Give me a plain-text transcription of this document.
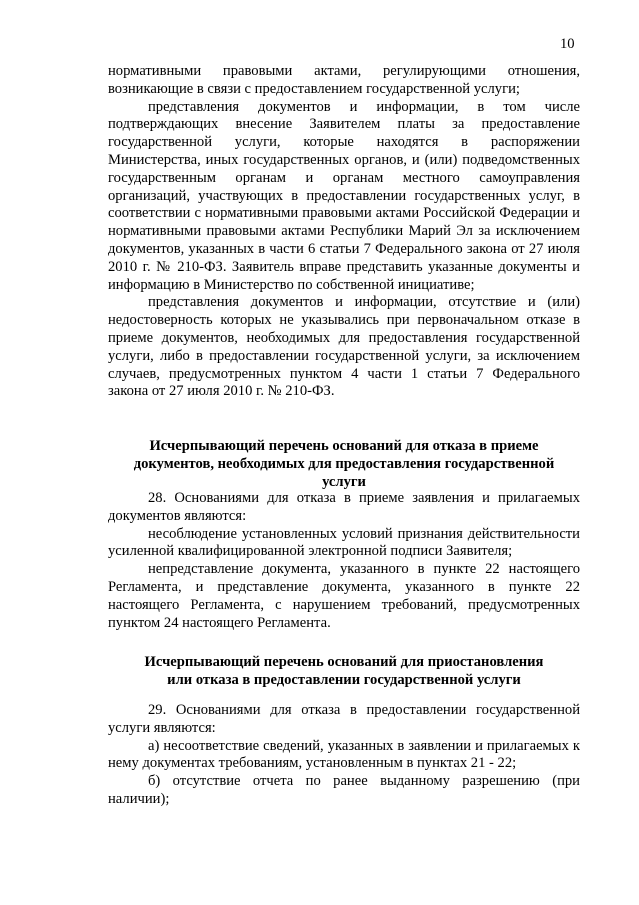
10

нормативными правовыми актами, регулирующими отношения, возникающие в связи с предоставлением государственной услуги;

представления документов и информации, в том числе подтверждающих внесение Заявителем платы за предоставление государственной услуги, которые находятся в распоряжении Министерства, иных государственных органов, и (или) подведомственных государственным органам и органам местного самоуправления организаций, участвующих в предоставлении государственных услуг, в соответствии с нормативными правовыми актами Российской Федерации и нормативными правовыми актами Республики Марий Эл за исключением документов, указанных в части 6 статьи 7 Федерального закона от 27 июля 2010 г. № 210-ФЗ. Заявитель вправе представить указанные документы и информацию в Министерство по собственной инициативе;

представления документов и информации, отсутствие и (или) недостоверность которых не указывались при первоначальном отказе в приеме документов, необходимых для предоставления государственной услуги, либо в предоставлении государственной услуги, за исключением случаев, предусмотренных пунктом 4 части 1 статьи 7 Федерального закона от 27 июля 2010 г. № 210-ФЗ.

Исчерпывающий перечень оснований для отказа в приеме документов, необходимых для предоставления государственной услуги

28. Основаниями для отказа в приеме заявления и прилагаемых документов являются:

несоблюдение установленных условий признания действительности усиленной квалифицированной электронной подписи Заявителя;

непредставление документа, указанного в пункте 22 настоящего Регламента, и представление документа, указанного в пункте 22 настоящего Регламента, с нарушением требований, предусмотренных пунктом 24 настоящего Регламента.

Исчерпывающий перечень оснований для приостановления или отказа в предоставлении государственной услуги

29. Основаниями для отказа в предоставлении государственной услуги являются:

а) несоответствие сведений, указанных в заявлении и прилагаемых к нему документах требованиям, установленным в пунктах 21 - 22;

б) отсутствие отчета по ранее выданному разрешению (при наличии);
